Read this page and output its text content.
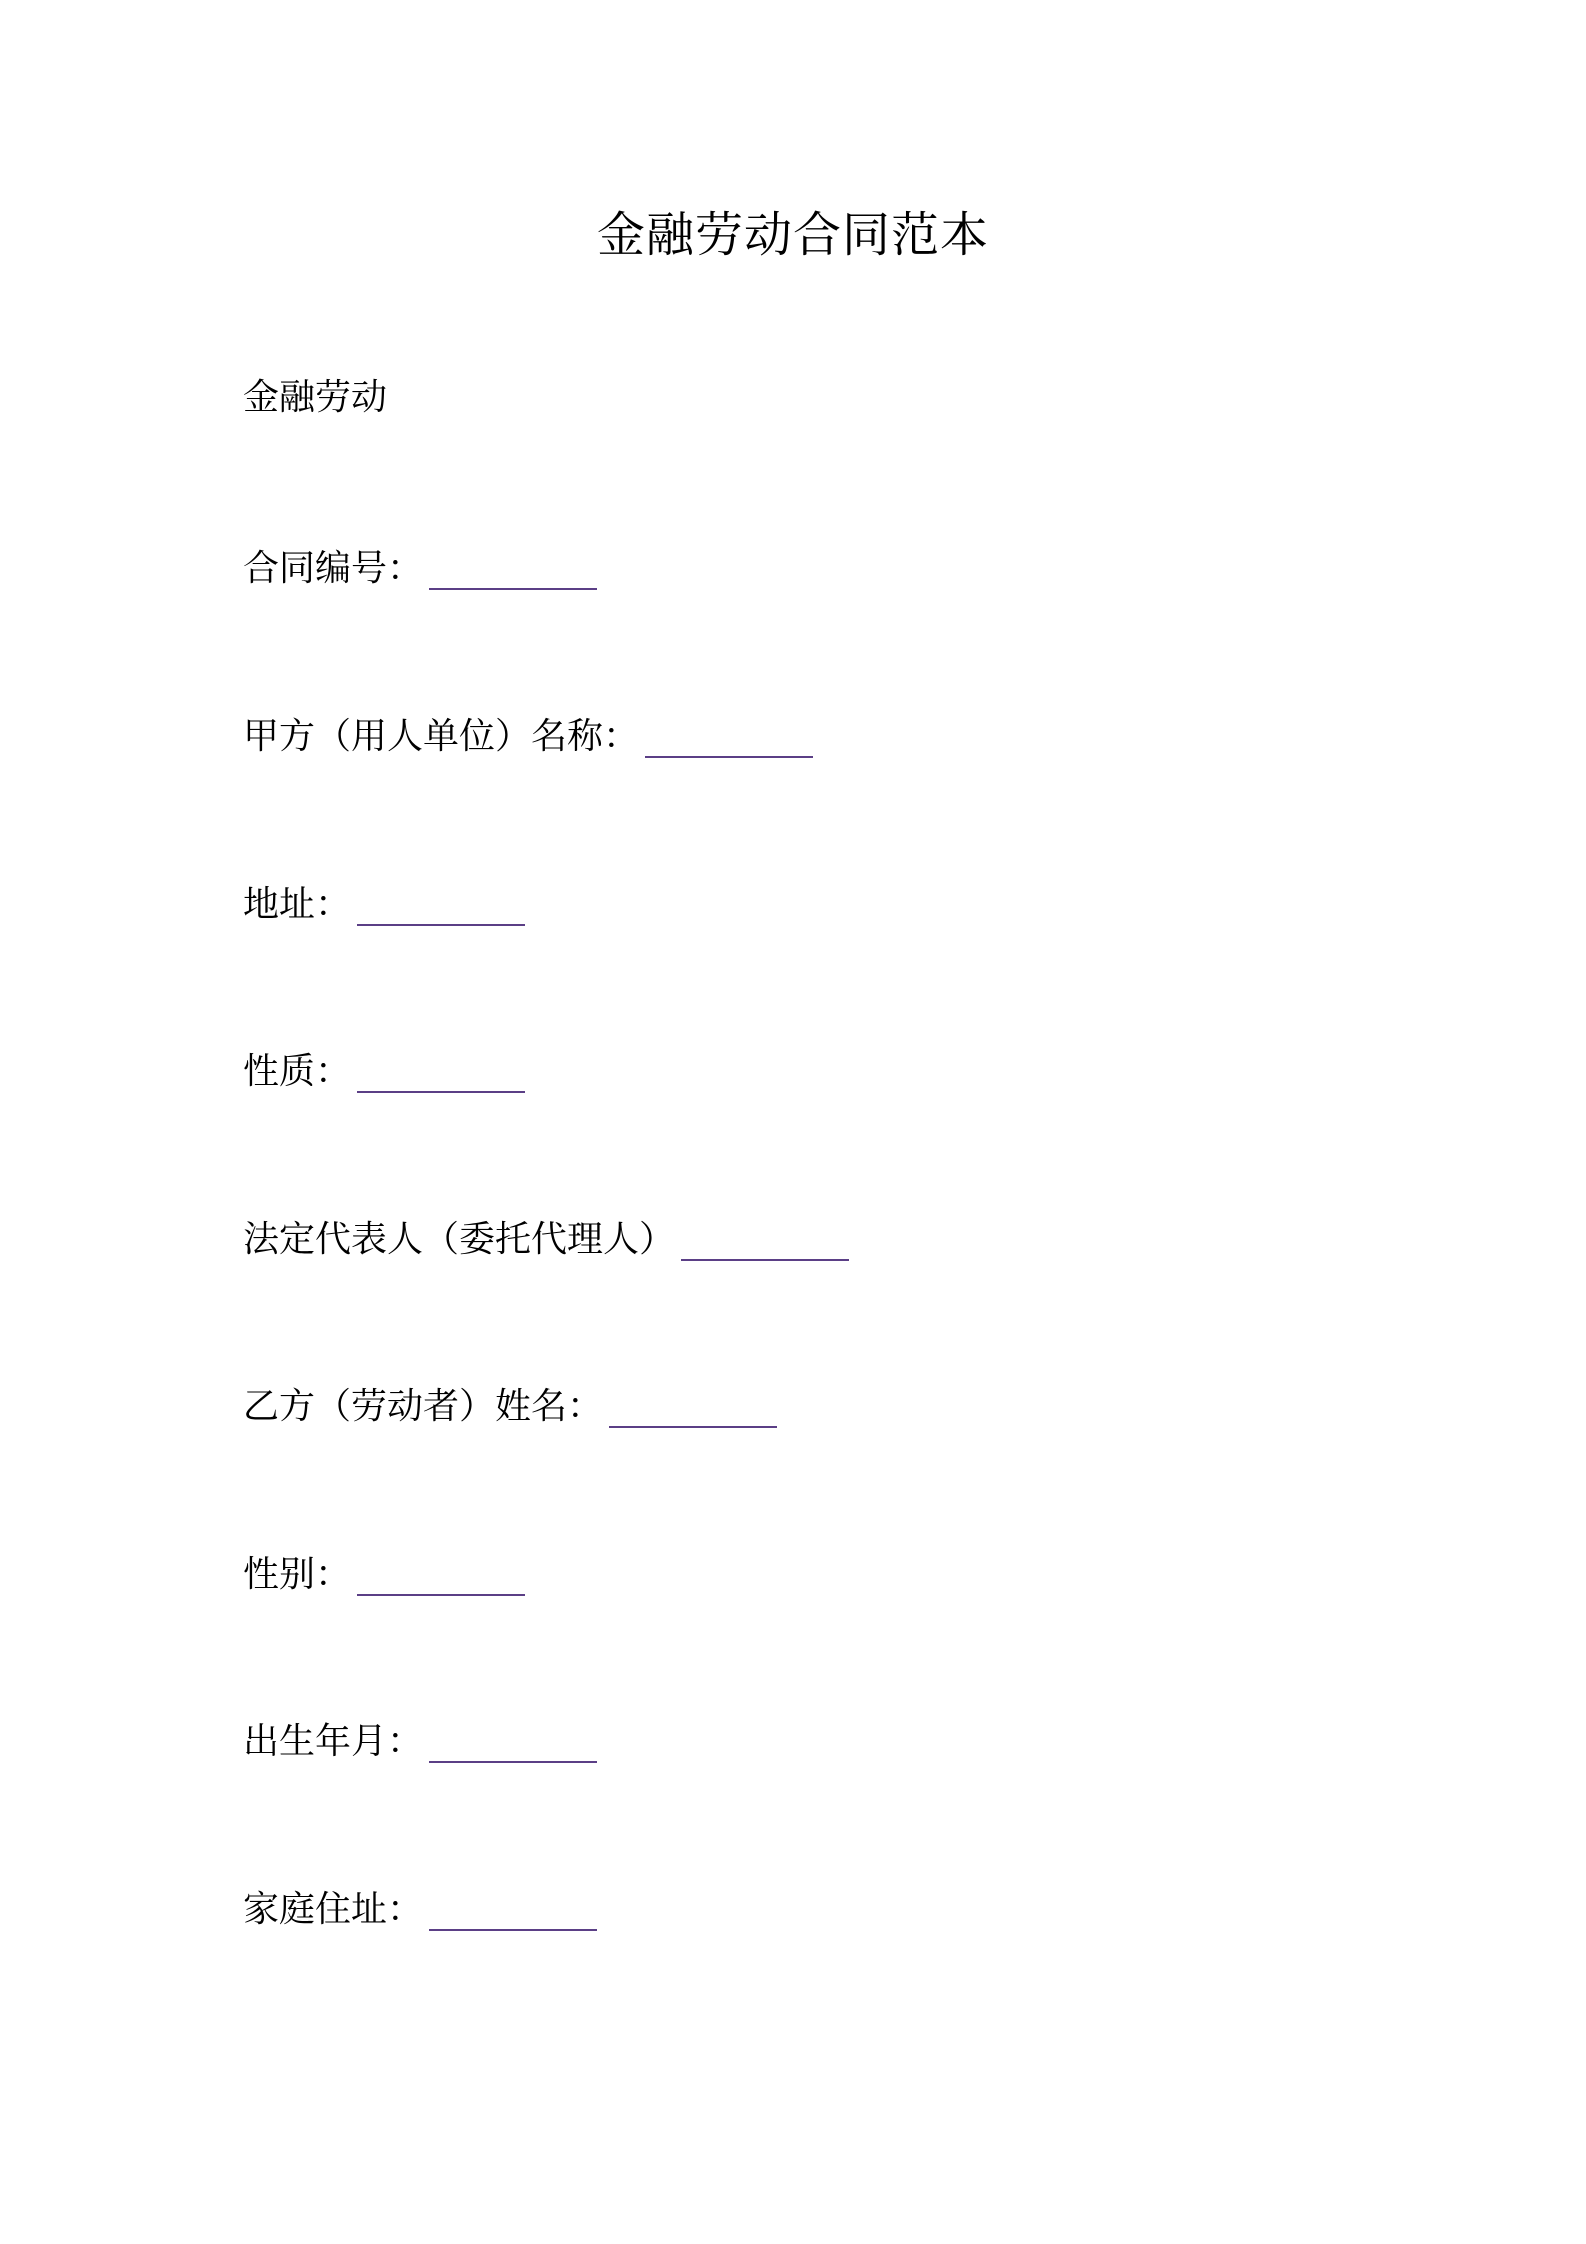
金融劳动合同范本
金融劳动
合同编号：
甲方（用人单位）名称：
地址：
性质：
法定代表人（委托代理人）
乙方（劳动者）姓名：
性别：
出生年月：
家庭住址：
